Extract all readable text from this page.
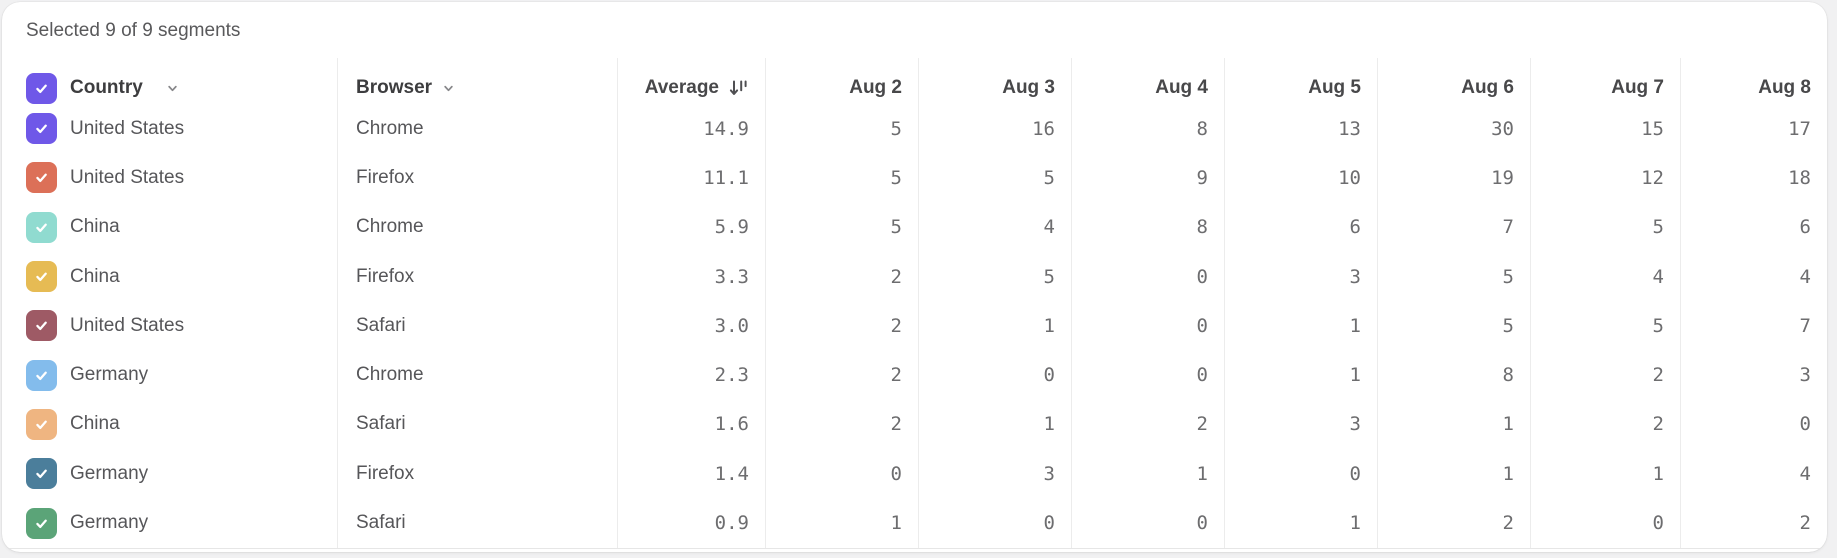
Selected 9 of 9 segments
Country	Browser	Average	Aug 2	Aug 3	Aug 4	Aug 5	Aug 6	Aug 7	Aug 8
United States	Chrome	14.9	5	16	8	13	30	15	17
United States	Firefox	11.1	5	5	9	10	19	12	18
China	Chrome	5.9	5	4	8	6	7	5	6
China	Firefox	3.3	2	5	0	3	5	4	4
United States	Safari	3.0	2	1	0	1	5	5	7
Germany	Chrome	2.3	2	0	0	1	8	2	3
China	Safari	1.6	2	1	2	3	1	2	0
Germany	Firefox	1.4	0	3	1	0	1	1	4
Germany	Safari	0.9	1	0	0	1	2	0	2
